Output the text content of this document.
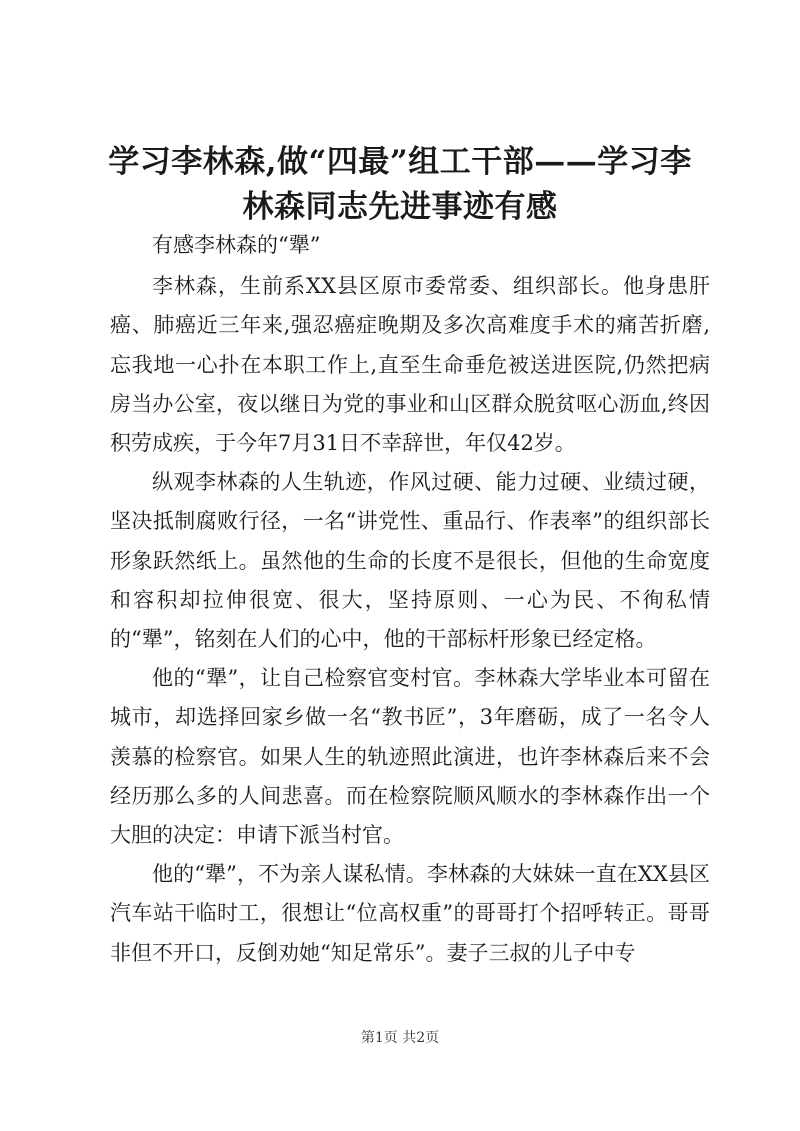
学习李林森,做“四最”组工干部——学习李
林森同志先进事迹有感

有感李林森的“犟”

李林森，生前系XX县区原市委常委、组织部长。他身患肝癌、肺癌近三年来,强忍癌症晚期及多次高难度手术的痛苦折磨,忘我地一心扑在本职工作上,直至生命垂危被送进医院,仍然把病房当办公室，夜以继日为党的事业和山区群众脱贫呕心沥血,终因积劳成疾，于今年7月31日不幸辞世，年仅42岁。

纵观李林森的人生轨迹，作风过硬、能力过硬、业绩过硬，坚决抵制腐败行径，一名“讲党性、重品行、作表率”的组织部长形象跃然纸上。虽然他的生命的长度不是很长，但他的生命宽度和容积却拉伸很宽、很大，坚持原则、一心为民、不徇私情的“犟”，铭刻在人们的心中，他的干部标杆形象已经定格。

他的“犟”，让自己检察官变村官。李林森大学毕业本可留在城市，却选择回家乡做一名“教书匠”，3年磨砺，成了一名令人羡慕的检察官。如果人生的轨迹照此演进，也许李林森后来不会经历那么多的人间悲喜。而在检察院顺风顺水的李林森作出一个大胆的决定：申请下派当村官。

他的“犟”，不为亲人谋私情。李林森的大妹妹一直在XX县区汽车站干临时工，很想让“位高权重”的哥哥打个招呼转正。哥哥非但不开口，反倒劝她“知足常乐”。妻子三叔的儿子中专

第1页 共2页
